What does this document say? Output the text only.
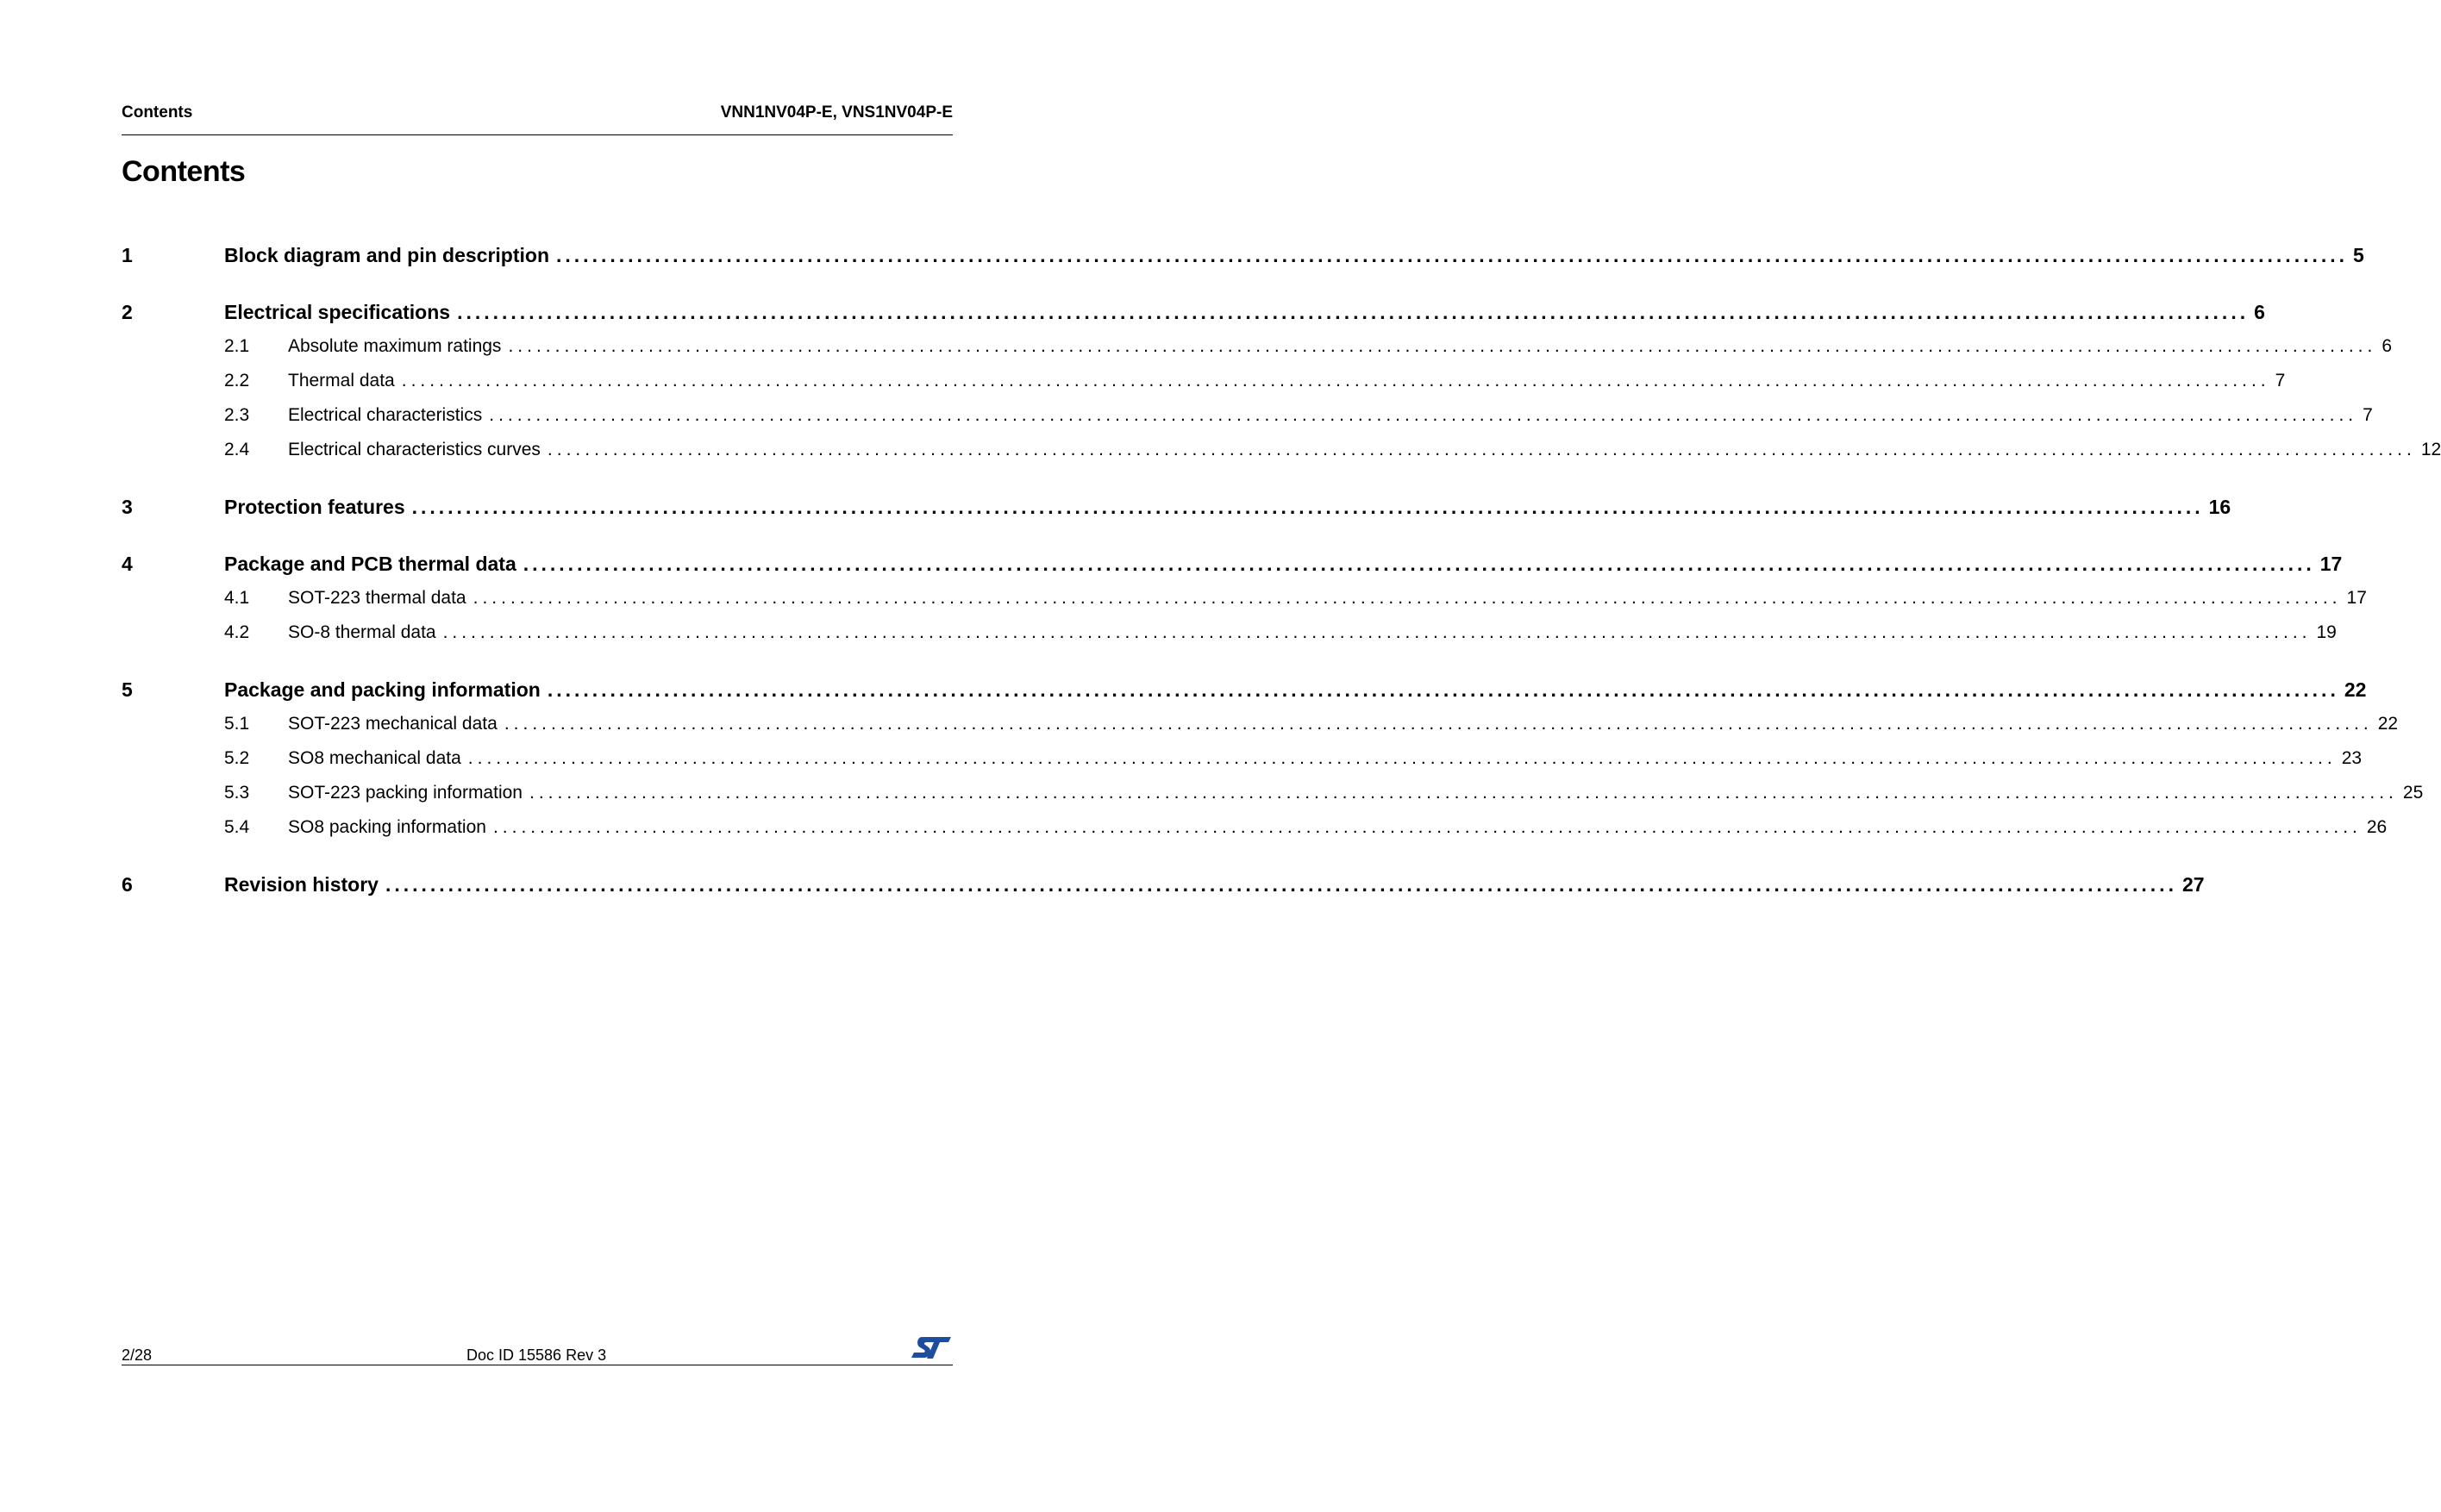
Contents	VNN1NV04P-E, VNS1NV04P-E
Contents
1	Block diagram and pin description ........................................................................................................................................................................................................ 5
2	Electrical specifications ........................................................................................................................................................................................................ 6
2.1	Absolute maximum ratings ........................................................................................................................................................................................................ 6
2.2	Thermal data ........................................................................................................................................................................................................ 7
2.3	Electrical characteristics ........................................................................................................................................................................................................ 7
2.4	Electrical characteristics curves ........................................................................................................................................................................................................ 12
3	Protection features ........................................................................................................................................................................................................ 16
4	Package and PCB thermal data ........................................................................................................................................................................................................ 17
4.1	SOT-223 thermal data ........................................................................................................................................................................................................ 17
4.2	SO-8 thermal data ........................................................................................................................................................................................................ 19
5	Package and packing information ........................................................................................................................................................................................................ 22
5.1	SOT-223 mechanical data ........................................................................................................................................................................................................ 22
5.2	SO8 mechanical data ........................................................................................................................................................................................................ 23
5.3	SOT-223 packing information ........................................................................................................................................................................................................ 25
5.4	SO8 packing information ........................................................................................................................................................................................................ 26
6	Revision history ........................................................................................................................................................................................................ 27
2/28	Doc ID 15586 Rev 3
